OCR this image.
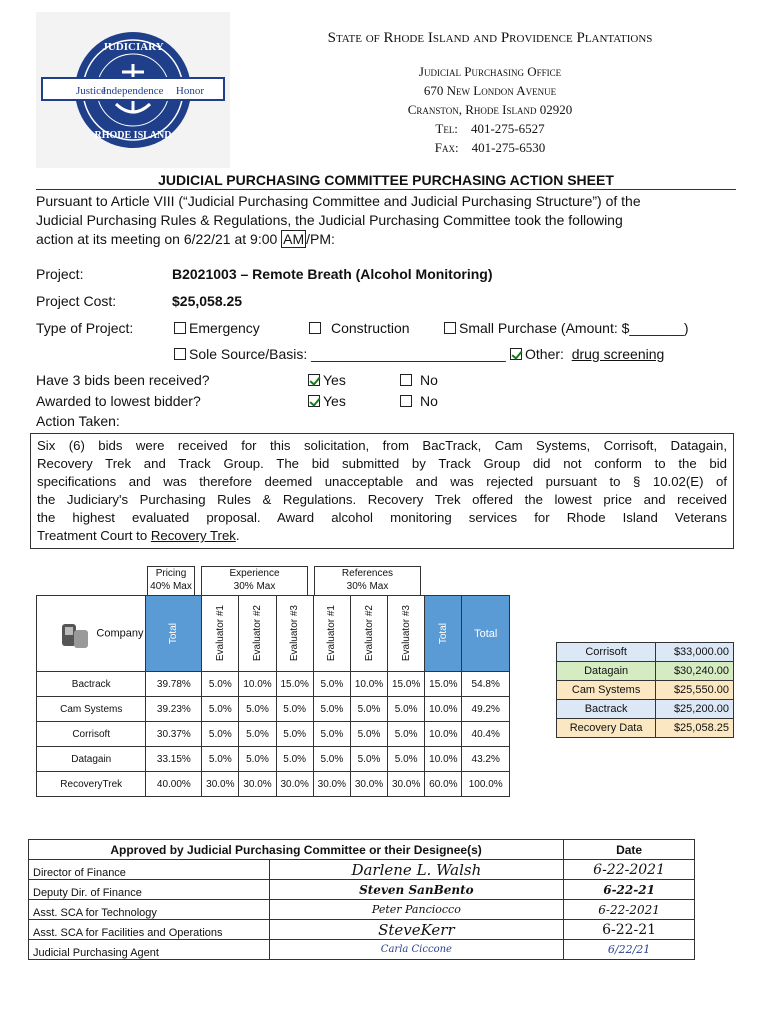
Justice
Independence Honor
JUDICIARY
RHODE ISLAND
State of Rhode Island and Providence Plantations
Judicial Purchasing Office
670 New London Avenue
Cranston, Rhode Island 02920
Tel: 401-275-6527
Fax: 401-275-6530
JUDICIAL PURCHASING COMMITTEE PURCHASING ACTION SHEET
Pursuant to Article VIII (“Judicial Purchasing Committee and Judicial Purchasing Structure”) of the
Judicial Purchasing Rules & Regulations, the Judicial Purchasing Committee took the following
action at its meeting on 6/22/21 at 9:00 AM /PM:
Project:	B2021003 – Remote Breath (Alcohol Monitoring)
Project Cost:	$25,058.25
Type of Project:	Emergency	Construction	Small Purchase (Amount: $_______)
Sole Source/Basis: _________________________	Other: drug screening
Have 3 bids been received?	Yes	No
Awarded to lowest bidder?	Yes	No
Action Taken:
Six (6) bids were received for this solicitation, from BacTrack, Cam Systems, Corrisoft, Datagain,
Recovery Trek and Track Group. The bid submitted by Track Group did not conform to the bid
specifications and was therefore deemed unacceptable and was rejected pursuant to § 10.02(E) of
the Judiciary's Purchasing Rules & Regulations. Recovery Trek offered the lowest price and received
the highest evaluated proposal. Award alcohol monitoring services for Rhode Island Veterans
Treatment Court to Recovery Trek.
Pricing
40% Max
Experience
30% Max
References
30% Max
Company	Total	Evaluator #1	Evaluator #2	Evaluator #3	Evaluator #1	Evaluator #2	Evaluator #3	Total	Total
Bactrack	39.78%	5.0%	10.0%	15.0%	5.0%	10.0%	15.0%	15.0%	54.8%
Cam Systems	39.23%	5.0%	5.0%	5.0%	5.0%	5.0%	5.0%	10.0%	49.2%
Corrisoft	30.37%	5.0%	5.0%	5.0%	5.0%	5.0%	5.0%	10.0%	40.4%
Datagain	33.15%	5.0%	5.0%	5.0%	5.0%	5.0%	5.0%	10.0%	43.2%
RecoveryTrek	40.00%	30.0%	30.0%	30.0%	30.0%	30.0%	30.0%	60.0%	100.0%
Corrisoft	$33,000.00
Datagain	$30,240.00
Cam Systems	$25,550.00
Bactrack	$25,200.00
Recovery Data	$25,058.25
Approved by Judicial Purchasing Committee or their Designee(s)		Date
Director of Finance	Darlene L. Walsh	6-22-2021
Deputy Dir. of Finance	Steven SanBento	6-22-21
Asst. SCA for Technology	Peter Panciocco	6-22-2021
Asst. SCA for Facilities and Operations	SteveKerr	6-22-21
Judicial Purchasing Agent	Carla Ciccone	6/22/21
